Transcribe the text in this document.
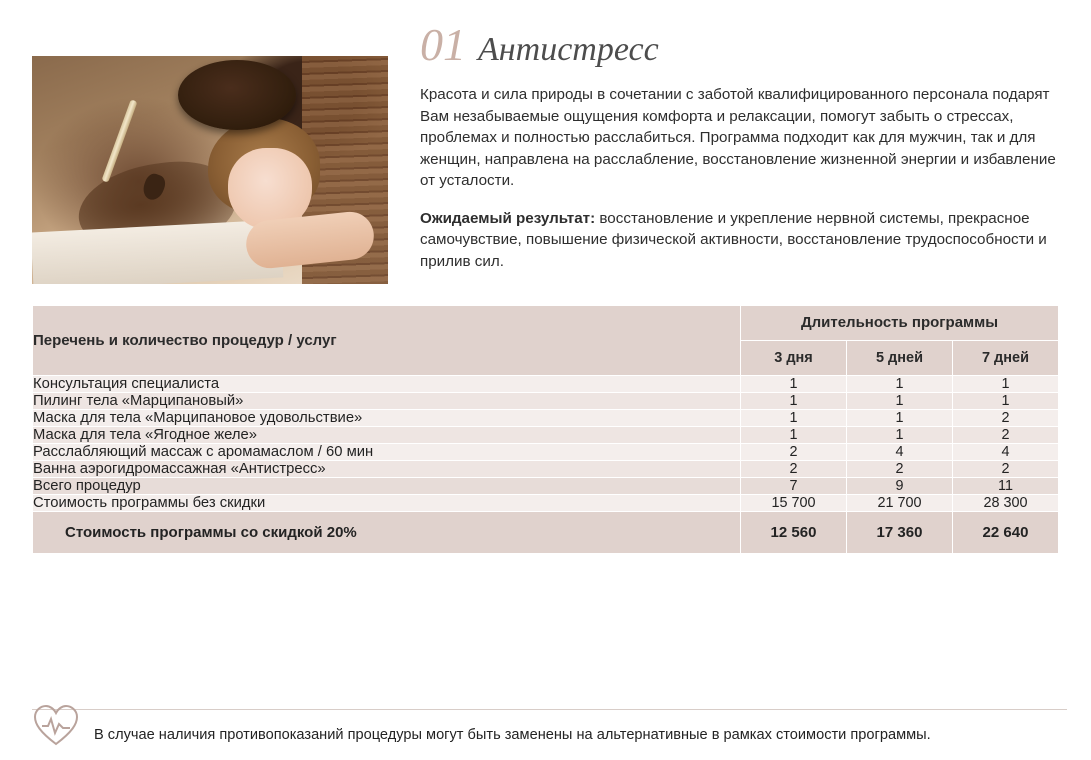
01 Антистресс

Красота и сила природы в сочетании с заботой квалифицированного персонала подарят Вам незабываемые ощущения комфорта и релаксации, помогут забыть о стрессах, проблемах и полностью расслабиться. Программа подходит как для мужчин, так и для женщин, направлена на расслабление, восстановление жизненной энергии и избавление от усталости.

Ожидаемый результат: восстановление и укрепление нервной системы, прекрасное самочувствие, повышение физической активности, восстановление трудоспособности и прилив сил.

Перечень и количество процедур / услуг	Длительность программы		
	3 дня	5 дней	7 дней
Консультация специалиста	1	1	1
Пилинг тела «Марципановый»	1	1	1
Маска для тела «Марципановое удовольствие»	1	1	2
Маска для тела «Ягодное желе»	1	1	2
Расслабляющий массаж с аромамаслом / 60 мин	2	4	4
Ванна аэрогидромассажная «Антистресс»	2	2	2
Всего процедур	7	9	11
Стоимость программы без скидки	15 700	21 700	28 300
Стоимость программы со скидкой 20%	12 560	17 360	22 640
В случае наличия противопоказаний процедуры могут быть заменены на альтернативные в рамках стоимости программы.
